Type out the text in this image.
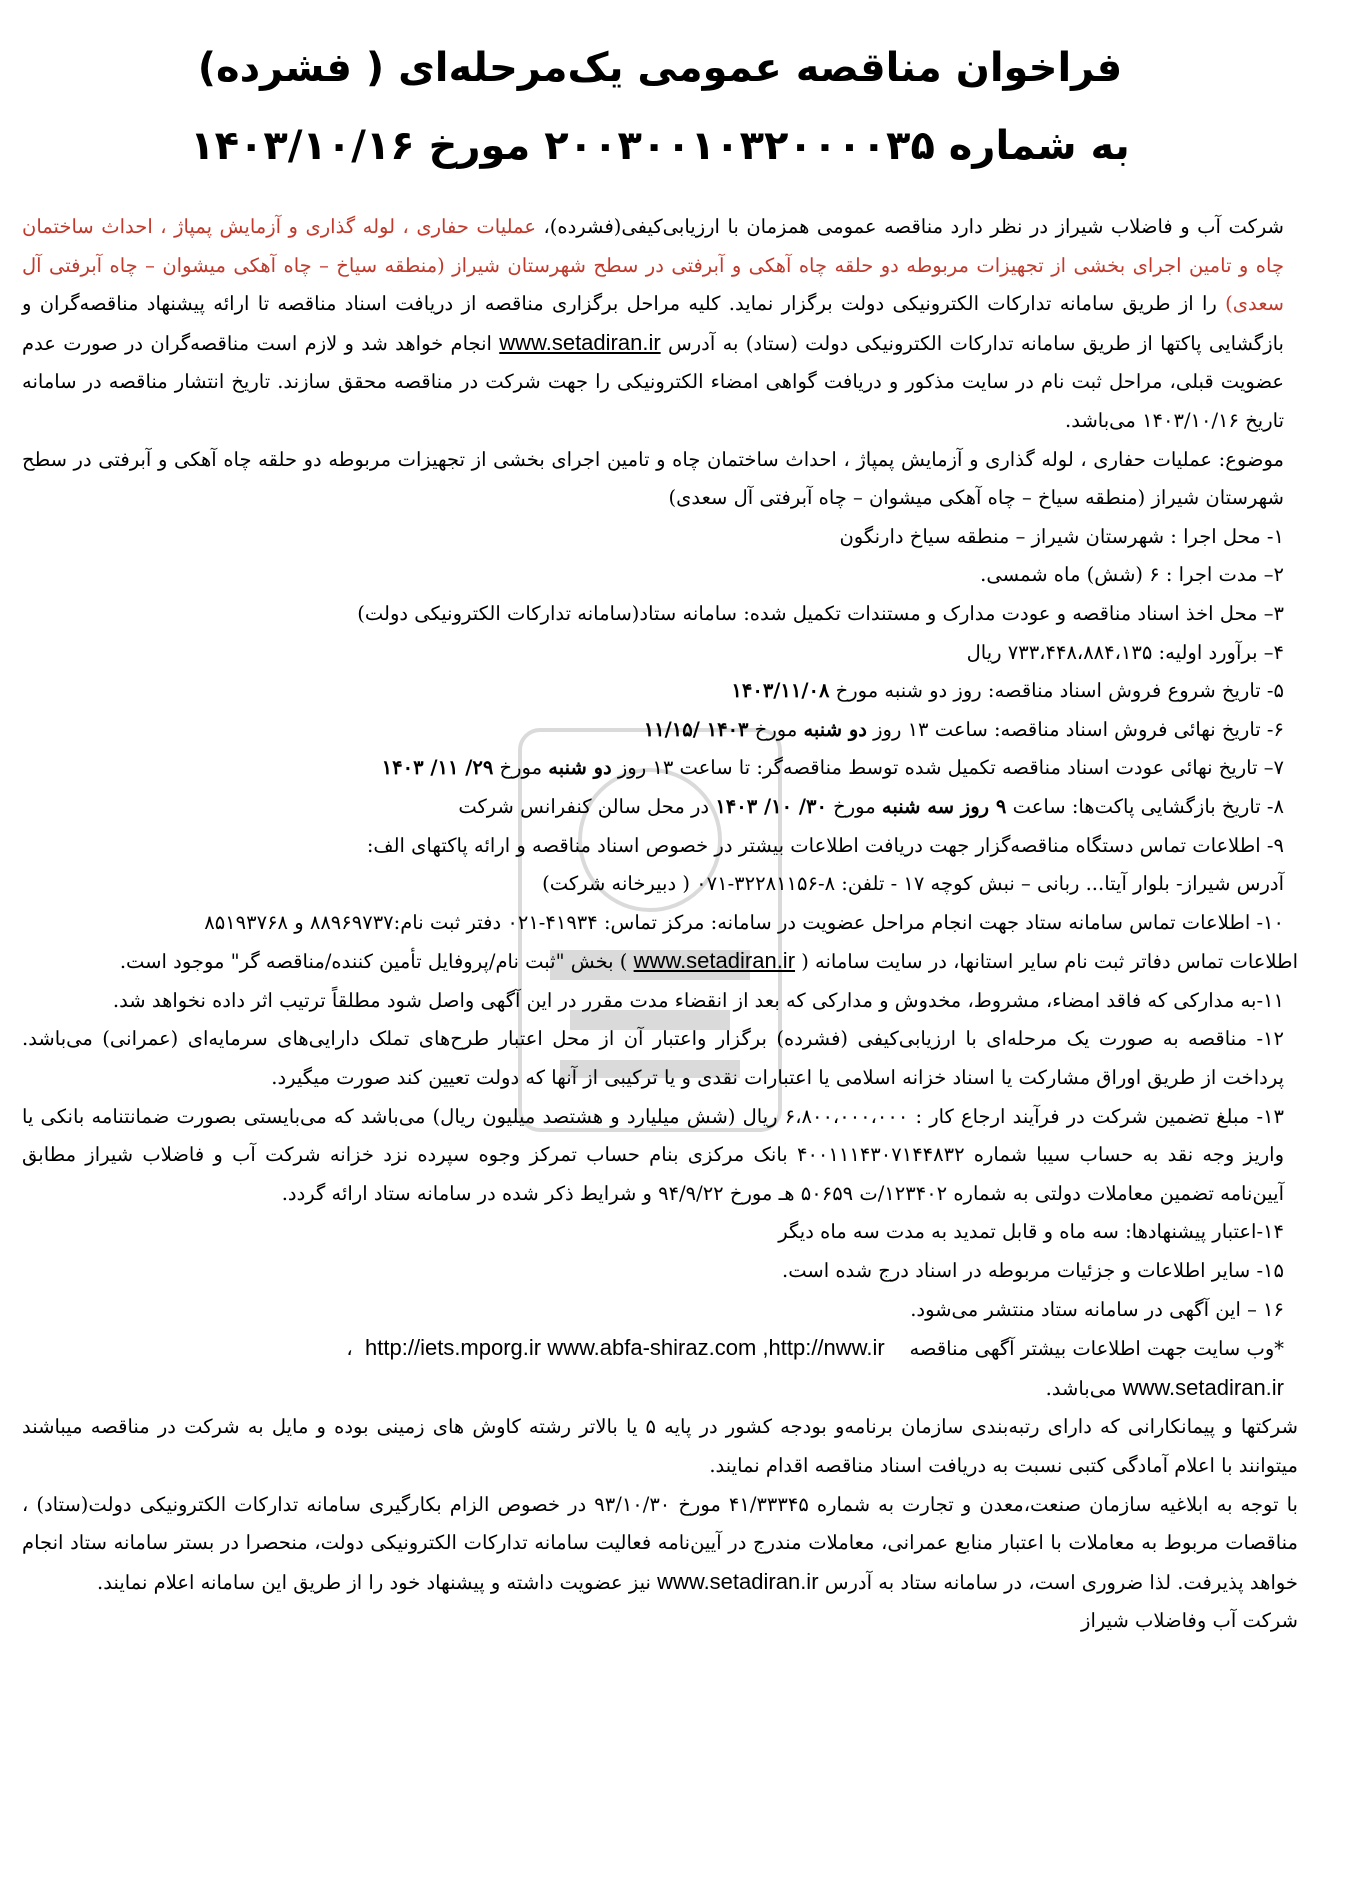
فراخوان مناقصه عمومی یک‌مرحله‌ای ( فشرده)
به شماره ۲۰۰۳۰۰۱۰۳۲۰۰۰۰۳۵ مورخ ۱۴۰۳/۱۰/۱۶

شرکت آب و فاضلاب شیراز در نظر دارد مناقصه عمومی همزمان با ارزیابی‌کیفی(فشرده)، عملیات حفاری ، لوله گذاری و آزمایش پمپاژ ، احداث ساختمان چاه و تامین اجرای بخشی از تجهیزات مربوطه دو حلقه چاه آهکی و آبرفتی در سطح شهرستان شیراز (منطقه سیاخ – چاه آهکی میشوان – چاه آبرفتی آل سعدی) را از طریق سامانه تدارکات الکترونیکی دولت برگزار نماید. کلیه مراحل برگزاری مناقصه از دریافت اسناد مناقصه تا ارائه پیشنهاد مناقصه‌گران و بازگشایی پاکتها از طریق سامانه تدارکات الکترونیکی دولت (ستاد) به آدرس www.setadiran.ir انجام خواهد شد و لازم است مناقصه‌گران در صورت عدم عضویت قبلی، مراحل ثبت نام در سایت مذکور و دریافت گواهی امضاء الکترونیکی را جهت شرکت در مناقصه محقق سازند. تاریخ انتشار مناقصه در سامانه تاریخ ۱۴۰۳/۱۰/۱۶ می‌باشد.

موضوع: عملیات حفاری ، لوله گذاری و آزمایش پمپاژ ، احداث ساختمان چاه و تامین اجرای بخشی از تجهیزات مربوطه دو حلقه چاه آهکی و آبرفتی در سطح شهرستان شیراز (منطقه سیاخ – چاه آهکی میشوان – چاه آبرفتی آل سعدی)

۱- محل اجرا : شهرستان شیراز – منطقه سیاخ دارنگون

۲– مدت اجرا : ۶ (شش) ماه شمسی.

۳– محل اخذ اسناد مناقصه و عودت مدارک و مستندات تکمیل شده: سامانه ستاد(سامانه تدارکات الکترونیکی دولت)

۴– برآورد اولیه: ۷۳۳،۴۴۸،۸۸۴،۱۳۵ ریال

۵- تاریخ شروع فروش اسناد مناقصه: روز دو شنبه مورخ ۱۴۰۳/۱۱/۰۸

۶- تاریخ نهائی فروش اسناد مناقصه: ساعت ۱۳ روز دو شنبه مورخ ۱۴۰۳ /۱۱/۱۵

۷– تاریخ نهائی عودت اسناد مناقصه تکمیل شده توسط مناقصه‌گر: تا ساعت ۱۳ روز دو شنبه مورخ ۲۹/ ۱۱/ ۱۴۰۳

۸- تاریخ بازگشایی پاکت‌ها: ساعت ۹ روز سه شنبه مورخ ۳۰/ ۱۰/ ۱۴۰۳ در محل سالن کنفرانس شرکت

۹- اطلاعات تماس دستگاه مناقصه‌گزار جهت دریافت اطلاعات بیشتر در خصوص اسناد مناقصه و ارائه پاکتهای الف:

آدرس شیراز- بلوار آیتا... ربانی – نبش کوچه ۱۷ - تلفن: ۸-۳۲۲۸۱۱۵۶-۰۷۱ ( دبیرخانه شرکت)

۱۰- اطلاعات تماس سامانه ستاد جهت انجام مراحل عضویت در سامانه: مرکز تماس: ۴۱۹۳۴-۰۲۱ دفتر ثبت نام:۸۸۹۶۹۷۳۷ و ۸۵۱۹۳۷۶۸

اطلاعات تماس دفاتر ثبت نام سایر استانها، در سایت سامانه ( www.setadiran.ir ) بخش "ثبت نام/پروفایل تأمین کننده/مناقصه گر" موجود است.

۱۱-به مدارکی که فاقد امضاء، مشروط، مخدوش و مدارکی که بعد از انقضاء مدت مقرر در این آگهی واصل شود مطلقاً ترتیب اثر داده نخواهد شد.

۱۲- مناقصه به صورت یک مرحله‌ای با ارزیابی‌کیفی (فشرده) برگزار واعتبار آن از محل اعتبار طرح‌های تملک دارایی‌های سرمایه‌ای (عمرانی) می‌باشد. پرداخت از طریق اوراق مشارکت یا اسناد خزانه اسلامی یا اعتبارات نقدی و یا ترکیبی از آنها که دولت تعیین کند صورت میگیرد.

۱۳- مبلغ تضمین شرکت در فرآیند ارجاع کار : ۶،۸۰۰،۰۰۰،۰۰۰ ریال (شش میلیارد و هشتصد میلیون ریال) می‌باشد که می‌بایستی بصورت ضمانتنامه بانکی یا واریز وجه نقد به حساب سیبا شماره ۴۰۰۱۱۱۴۳۰۷۱۴۴۸۳۲ بانک مرکزی بنام حساب تمرکز وجوه سپرده نزد خزانه شرکت آب و فاضلاب شیراز مطابق آیین‌نامه تضمین معاملات دولتی به شماره ۱۲۳۴۰۲/ت ۵۰۶۵۹ هـ مورخ ۹۴/۹/۲۲ و شرایط ذکر شده در سامانه ستاد ارائه گردد.

۱۴-اعتبار پیشنهادها: سه ماه و قابل تمدید به مدت سه ماه دیگر

۱۵- سایر اطلاعات و جزئیات مربوطه در اسناد درج شده است.

۱۶ – این آگهی در سامانه ستاد منتشر می‌شود.

*وب سایت جهت اطلاعات بیشتر آگهی مناقصه    http://iets.mporg.ir www.abfa-shiraz.com ,http://nww.ir  ،
www.setadiran.ir می‌باشد.

شرکتها و پیمانکارانی که دارای رتبه‌بندی سازمان برنامه‌و بودجه کشور در پایه ۵ یا بالاتر رشته کاوش های زمینی بوده و مایل به شرکت در مناقصه میباشند میتوانند با اعلام آمادگی کتبی نسبت به دریافت اسناد مناقصه اقدام نمایند.

با توجه به ابلاغیه سازمان صنعت،معدن و تجارت به شماره ۴۱/۳۳۳۴۵ مورخ ۹۳/۱۰/۳۰ در خصوص الزام بکارگیری سامانه تدارکات الکترونیکی دولت(ستاد) ، مناقصات مربوط به معاملات با اعتبار منابع عمرانی، معاملات مندرج در آیین‌نامه فعالیت سامانه تدارکات الکترونیکی دولت، منحصرا در بستر سامانه ستاد انجام خواهد پذیرفت. لذا ضروری است، در سامانه ستاد به آدرس www.setadiran.ir نیز عضویت داشته و پیشنهاد خود را از طریق این سامانه اعلام نمایند.

شرکت آب وفاضلاب شیراز
